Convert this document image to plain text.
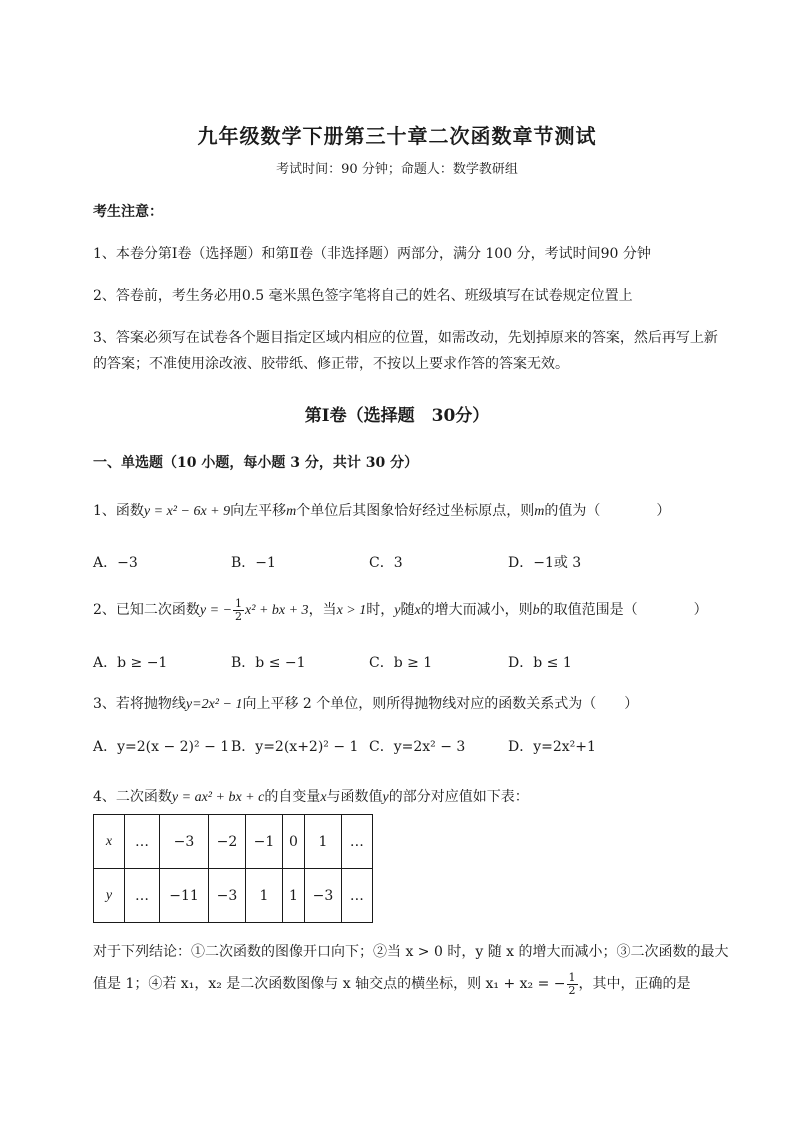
九年级数学下册第三十章二次函数章节测试
考试时间：90 分钟；命题人：数学教研组
考生注意：
1、本卷分第Ⅰ卷（选择题）和第Ⅱ卷（非选择题）两部分，满分 100 分，考试时间90 分钟
2、答卷前，考生务必用0.5 毫米黑色签字笔将自己的姓名、班级填写在试卷规定位置上
3、答案必须写在试卷各个题目指定区域内相应的位置，如需改动，先划掉原来的答案，然后再写上新
的答案；不准使用涂改液、胶带纸、修正带，不按以上要求作答的答案无效。
第Ⅰ卷（选择题　30分）
一、单选题（10 小题，每小题 3 分，共计 30 分）
1、函数y = x² − 6x + 9向左平移m个单位后其图象恰好经过坐标原点，则m的值为（　　　　）
A．−3	B．−1	C．3	D．−1或 3
2、已知二次函数y = − $\frac{1}{2} x^2$ + bx + 3，当x > 1时，y随x的增大而减小，则b的取值范围是（　　　　）
A．b ≥ −1	B．b ≤ −1	C．b ≥ 1	D．b ≤ 1
3、若将抛物线y=2x² − 1向上平移 2 个单位，则所得抛物线对应的函数关系式为（　　）
A．y=2(x − 2)² − 1 B．y=2(x+2)² − 1 C．y=2x² − 3	D．y=2x²+1
4、二次函数y = ax² + bx + c的自变量x与函数值y的部分对应值如下表：
x	…	−3	−2	−1	0	1	…
y	…	−11	−3	1	1	−3	…
对于下列结论：①二次函数的图像开口向下；②当 x > 0 时，y 随 x 的增大而减小；③二次函数的最大
值是 1；④若 x₁，x₂ 是二次函数图像与 x 轴交点的横坐标，则 x₁ + x₂ = − $\frac{1}{2}$ ，其中，正确的是
